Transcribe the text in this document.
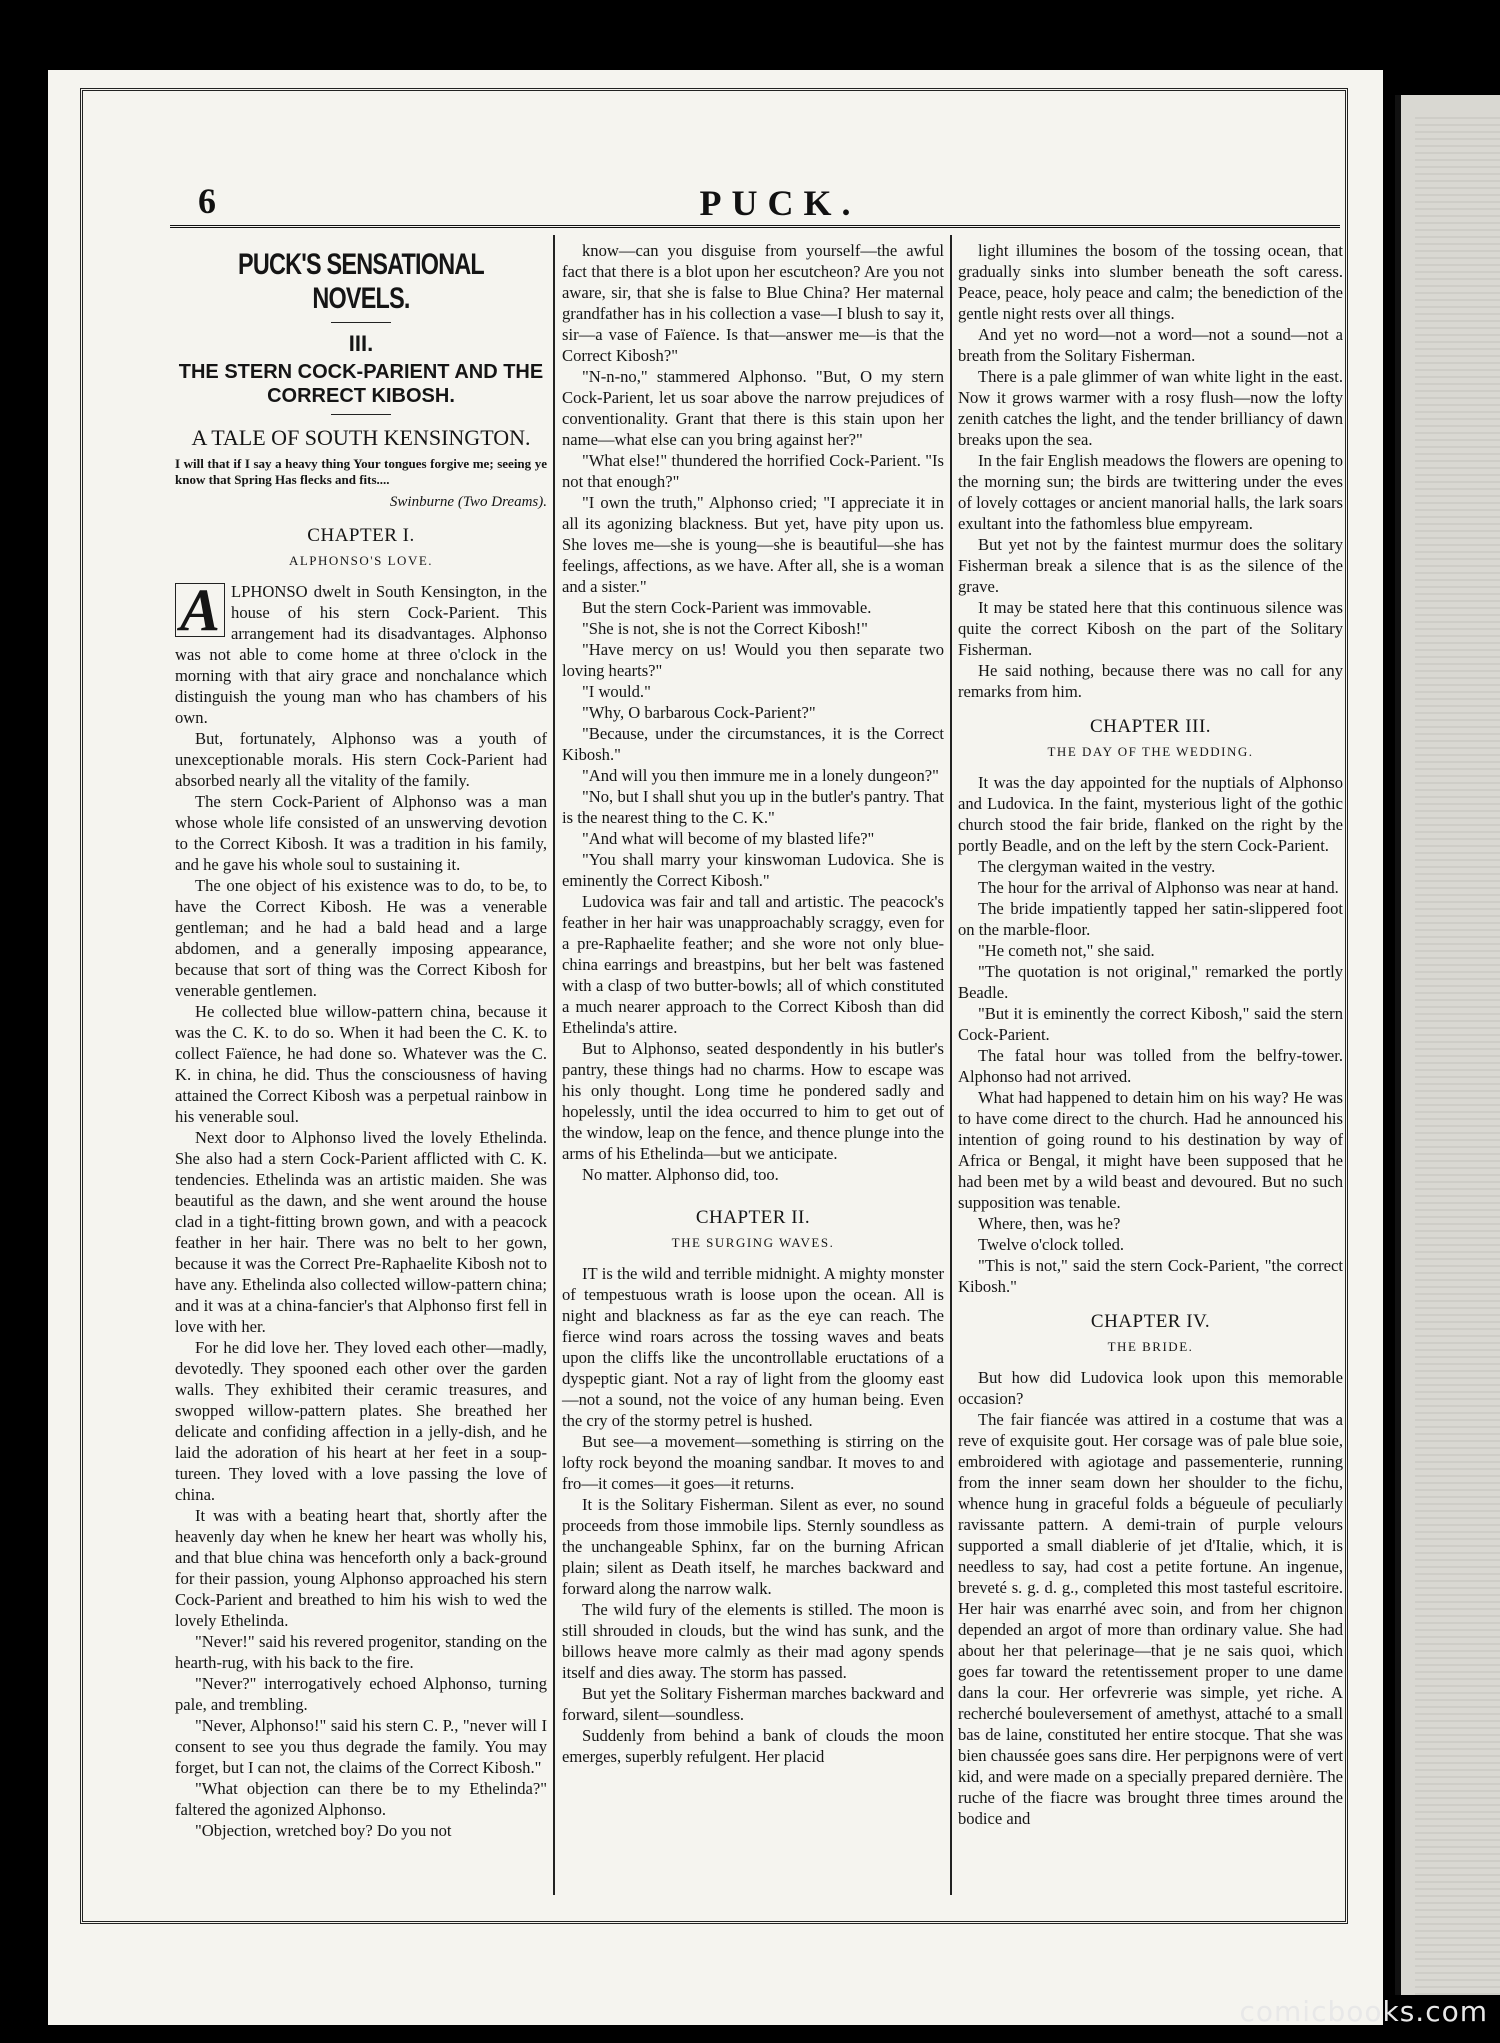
6	PUCK.
PUCK'S SENSATIONAL NOVELS.
III.
THE STERN COCK-PARIENT AND THE CORRECT KIBOSH.
A TALE OF SOUTH KENSINGTON.
I will that if I say a heavy thing Your tongues forgive me; seeing ye know that Spring Has flecks and fits....
Swinburne (Two Dreams).
CHAPTER I.
ALPHONSO'S LOVE.
A LPHONSO dwelt in South Kensington, in the house of his stern Cock-Parient. This arrangement had its disadvantages. Alphonso was not able to come home at three o'clock in the morning with that airy grace and nonchalance which distinguish the young man who has chambers of his own.

But, fortunately, Alphonso was a youth of unexceptionable morals. His stern Cock-Parient had absorbed nearly all the vitality of the family.

The stern Cock-Parient of Alphonso was a man whose whole life consisted of an unswerving devotion to the Correct Kibosh. It was a tradition in his family, and he gave his whole soul to sustaining it.

The one object of his existence was to do, to be, to have the Correct Kibosh. He was a venerable gentleman; and he had a bald head and a large abdomen, and a generally imposing appearance, because that sort of thing was the Correct Kibosh for venerable gentlemen.

He collected blue willow-pattern china, because it was the C. K. to do so. When it had been the C. K. to collect Faïence, he had done so. Whatever was the C. K. in china, he did. Thus the consciousness of having attained the Correct Kibosh was a perpetual rainbow in his venerable soul.

Next door to Alphonso lived the lovely Ethelinda. She also had a stern Cock-Parient afflicted with C. K. tendencies. Ethelinda was an artistic maiden. She was beautiful as the dawn, and she went around the house clad in a tight-fitting brown gown, and with a peacock feather in her hair. There was no belt to her gown, because it was the Correct Pre-Raphaelite Kibosh not to have any. Ethelinda also collected willow-pattern china; and it was at a china-fancier's that Alphonso first fell in love with her.

For he did love her. They loved each other—madly, devotedly. They spooned each other over the garden walls. They exhibited their ceramic treasures, and swopped willow-pattern plates. She breathed her delicate and confiding affection in a jelly-dish, and he laid the adoration of his heart at her feet in a soup-tureen. They loved with a love passing the love of china.

It was with a beating heart that, shortly after the heavenly day when he knew her heart was wholly his, and that blue china was henceforth only a back-ground for their passion, young Alphonso approached his stern Cock-Parient and breathed to him his wish to wed the lovely Ethelinda.

"Never!" said his revered progenitor, standing on the hearth-rug, with his back to the fire.

"Never?" interrogatively echoed Alphonso, turning pale, and trembling.

"Never, Alphonso!" said his stern C. P., "never will I consent to see you thus degrade the family. You may forget, but I can not, the claims of the Correct Kibosh."

"What objection can there be to my Ethelinda?" faltered the agonized Alphonso.

"Objection, wretched boy? Do you not

know—can you disguise from yourself—the awful fact that there is a blot upon her escutcheon? Are you not aware, sir, that she is false to Blue China? Her maternal grandfather has in his collection a vase—I blush to say it, sir—a vase of Faïence. Is that—answer me—is that the Correct Kibosh?"

"N-n-no," stammered Alphonso. "But, O my stern Cock-Parient, let us soar above the narrow prejudices of conventionality. Grant that there is this stain upon her name—what else can you bring against her?"

"What else!" thundered the horrified Cock-Parient. "Is not that enough?"

"I own the truth," Alphonso cried; "I appreciate it in all its agonizing blackness. But yet, have pity upon us. She loves me—she is young—she is beautiful—she has feelings, affections, as we have. After all, she is a woman and a sister."

But the stern Cock-Parient was immovable.

"She is not, she is not the Correct Kibosh!"

"Have mercy on us! Would you then separate two loving hearts?"

"I would."

"Why, O barbarous Cock-Parient?"

"Because, under the circumstances, it is the Correct Kibosh."

"And will you then immure me in a lonely dungeon?"

"No, but I shall shut you up in the butler's pantry. That is the nearest thing to the C. K."

"And what will become of my blasted life?"

"You shall marry your kinswoman Ludovica. She is eminently the Correct Kibosh."

Ludovica was fair and tall and artistic. The peacock's feather in her hair was unapproachably scraggy, even for a pre-Raphaelite feather; and she wore not only blue-china earrings and breastpins, but her belt was fastened with a clasp of two butter-bowls; all of which constituted a much nearer approach to the Correct Kibosh than did Ethelinda's attire.

But to Alphonso, seated despondently in his butler's pantry, these things had no charms. How to escape was his only thought. Long time he pondered sadly and hopelessly, until the idea occurred to him to get out of the window, leap on the fence, and thence plunge into the arms of his Ethelinda—but we anticipate.

No matter. Alphonso did, too.

CHAPTER II.
THE SURGING WAVES.

IT is the wild and terrible midnight. A mighty monster of tempestuous wrath is loose upon the ocean. All is night and blackness as far as the eye can reach. The fierce wind roars across the tossing waves and beats upon the cliffs like the uncontrollable eructations of a dyspeptic giant. Not a ray of light from the gloomy east—not a sound, not the voice of any human being. Even the cry of the stormy petrel is hushed.

But see—a movement—something is stirring on the lofty rock beyond the moaning sandbar. It moves to and fro—it comes—it goes—it returns.

It is the Solitary Fisherman. Silent as ever, no sound proceeds from those immobile lips. Sternly soundless as the unchangeable Sphinx, far on the burning African plain; silent as Death itself, he marches backward and forward along the narrow walk.

The wild fury of the elements is stilled. The moon is still shrouded in clouds, but the wind has sunk, and the billows heave more calmly as their mad agony spends itself and dies away. The storm has passed.

But yet the Solitary Fisherman marches backward and forward, silent—soundless.

Suddenly from behind a bank of clouds the moon emerges, superbly refulgent. Her placid

light illumines the bosom of the tossing ocean, that gradually sinks into slumber beneath the soft caress. Peace, peace, holy peace and calm; the benediction of the gentle night rests over all things.

And yet no word—not a word—not a sound—not a breath from the Solitary Fisherman.

There is a pale glimmer of wan white light in the east. Now it grows warmer with a rosy flush—now the lofty zenith catches the light, and the tender brilliancy of dawn breaks upon the sea.

In the fair English meadows the flowers are opening to the morning sun; the birds are twittering under the eves of lovely cottages or ancient manorial halls, the lark soars exultant into the fathomless blue empyream.

But yet not by the faintest murmur does the solitary Fisherman break a silence that is as the silence of the grave.

It may be stated here that this continuous silence was quite the correct Kibosh on the part of the Solitary Fisherman.

He said nothing, because there was no call for any remarks from him.

CHAPTER III.
THE DAY OF THE WEDDING.

It was the day appointed for the nuptials of Alphonso and Ludovica. In the faint, mysterious light of the gothic church stood the fair bride, flanked on the right by the portly Beadle, and on the left by the stern Cock-Parient.

The clergyman waited in the vestry.

The hour for the arrival of Alphonso was near at hand.

The bride impatiently tapped her satin-slippered foot on the marble-floor.

"He cometh not," she said.

"The quotation is not original," remarked the portly Beadle.

"But it is eminently the correct Kibosh," said the stern Cock-Parient.

The fatal hour was tolled from the belfry-tower. Alphonso had not arrived.

What had happened to detain him on his way? He was to have come direct to the church. Had he announced his intention of going round to his destination by way of Africa or Bengal, it might have been supposed that he had been met by a wild beast and devoured. But no such supposition was tenable.

Where, then, was he?

Twelve o'clock tolled.

"This is not," said the stern Cock-Parient, "the correct Kibosh."

CHAPTER IV.
THE BRIDE.

But how did Ludovica look upon this memorable occasion?

The fair fiancée was attired in a costume that was a reve of exquisite gout. Her corsage was of pale blue soie, embroidered with agiotage and passementerie, running from the inner seam down her shoulder to the fichu, whence hung in graceful folds a bégueule of peculiarly ravissante pattern. A demi-train of purple velours supported a small diablerie of jet d'Italie, which, it is needless to say, had cost a petite fortune. An ingenue, breveté s. g. d. g., completed this most tasteful escritoire. Her hair was enarrhé avec soin, and from her chignon depended an argot of more than ordinary value. She had about her that pelerinage—that je ne sais quoi, which goes far toward the retentissement proper to une dame dans la cour. Her orfevrerie was simple, yet riche. A recherché bouleversement of amethyst, attaché to a small bas de laine, constituted her entire stocque. That she was bien chaussée goes sans dire. Her perpignons were of vert kid, and were made on a specially prepared dernière. The ruche of the fiacre was brought three times around the bodice and

comicbooks.com
